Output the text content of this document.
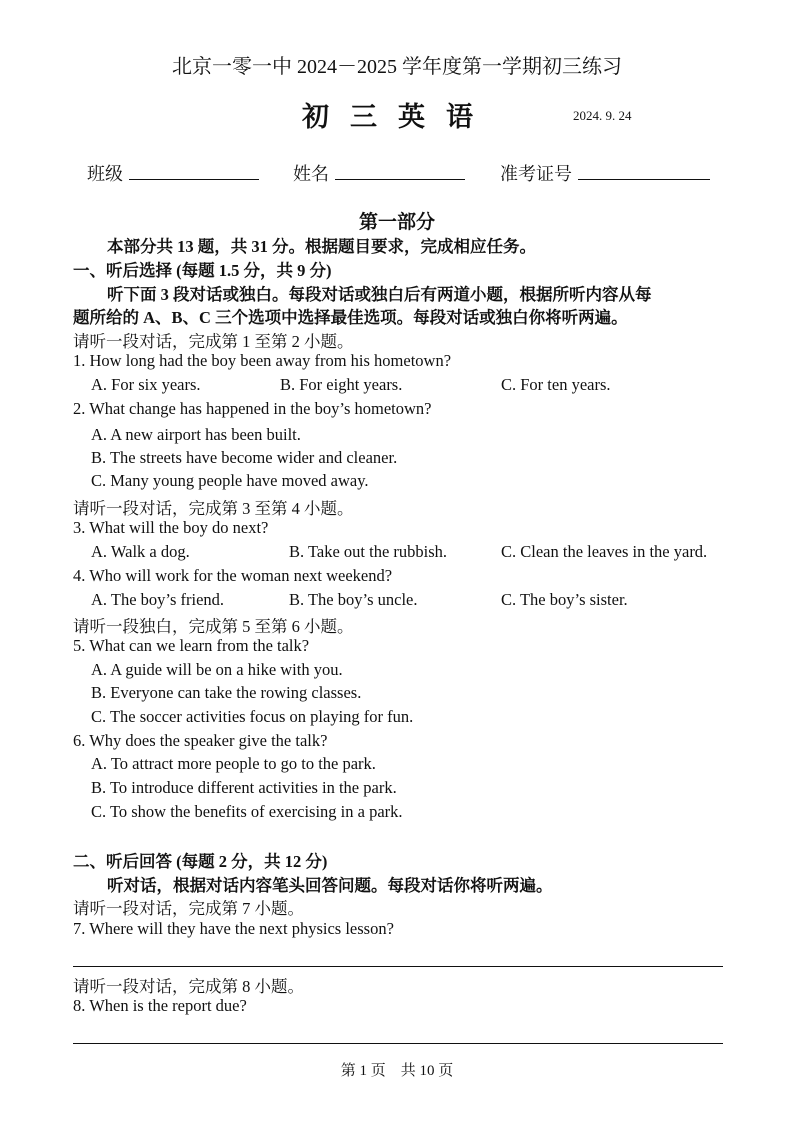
北京一零一中 2024－2025 学年度第一学期初三练习
初三英语	2024. 9. 24
班级	姓名	准考证号
第一部分
本部分共 13 题，共 31 分。根据题目要求，完成相应任务。
一、听后选择 (每题 1.5 分，共 9 分)
听下面 3 段对话或独白。每段对话或独白后有两道小题，根据所听内容从每
题所给的 A、B、C 三个选项中选择最佳选项。每段对话或独白你将听两遍。
请听一段对话，完成第 1 至第 2 小题。
1. How long had the boy been away from his hometown?
A. For six years.	B. For eight years.	C. For ten years.
2. What change has happened in the boy’s hometown?
A. A new airport has been built.
B. The streets have become wider and cleaner.
C. Many young people have moved away.
请听一段对话，完成第 3 至第 4 小题。
3. What will the boy do next?
A. Walk a dog.	B. Take out the rubbish.	C. Clean the leaves in the yard.
4. Who will work for the woman next weekend?
A. The boy’s friend.	B. The boy’s uncle.	C. The boy’s sister.
请听一段独白，完成第 5 至第 6 小题。
5. What can we learn from the talk?
A. A guide will be on a hike with you.
B. Everyone can take the rowing classes.
C. The soccer activities focus on playing for fun.
6. Why does the speaker give the talk?
A. To attract more people to go to the park.
B. To introduce different activities in the park.
C. To show the benefits of exercising in a park.
二、听后回答 (每题 2 分，共 12 分)
听对话，根据对话内容笔头回答问题。每段对话你将听两遍。
请听一段对话，完成第 7 小题。
7. Where will they have the next physics lesson?
请听一段对话，完成第 8 小题。
8. When is the report due?
第 1 页　共 10 页
